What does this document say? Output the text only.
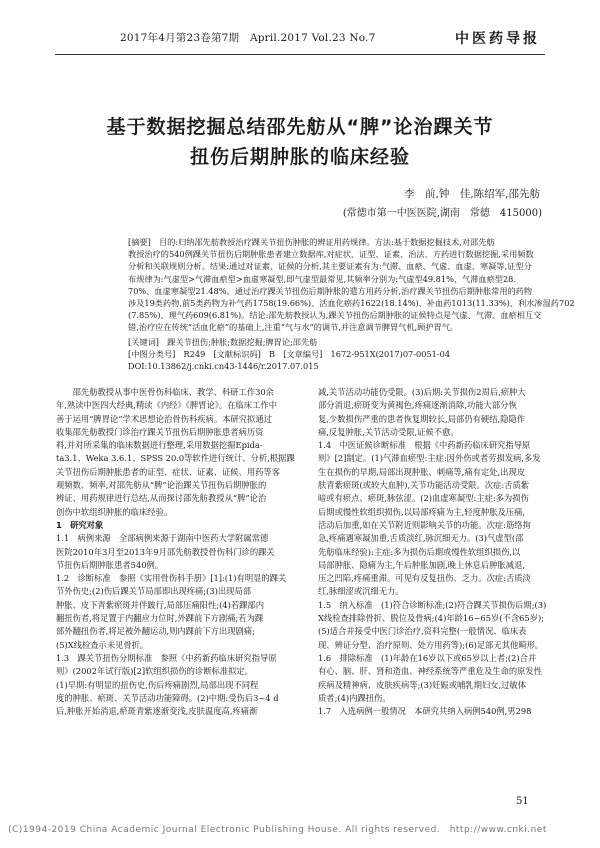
2017年4月第23卷第7期　April.2017 Vol.23 No.7	中医药导报
基于数据挖掘总结邵先舫从“脾”论治踝关节
扭伤后期肿胀的临床经验
李　前,钟　佳,陈绍军,邵先舫
(常德市第一中医医院,湖南　常德　415000)

[摘要]　目的:归纳邵先舫教授治疗踝关节扭伤肿胀的辨证用药规律。方法:基于数据挖掘技术,对邵先舫

教授治疗的540例踝关节扭伤后期肿胀患者建立数据库,对症状、证型、证素、治法、方药进行数据挖掘,采用频数

分析和关联规则分析。结果:通过对证素、证候的分析,其主要证素有为:气滞、血瘀、气虚、血虚、寒凝等,证型分

布规律为:气虚型>气滞血瘀型>血虚寒凝型,即气虚型最常见,其频率分别为:气虚型49.81%、气滞血瘀型28.

70%、血虚寒凝型21.48%。通过治疗踝关节扭伤后期肿胀的遣方用药分析,治疗踝关节扭伤后期肿胀常用的药物

涉及19类药物,前5类药物为补气药1758(19.66%)、活血化瘀药1622(18.14%)、补血药1013(11.33%)、利水渗湿药702

(7.85%)、理气药609(6.81%)。结论:邵先舫教授认为,踝关节扭伤后期肿胀的证候特点是气虚、气滞、血瘀相互交

错,治疗应在传统“活血化瘀”的基础上,注重“气与水”的调节,并注意调节脾胃气机,顾护胃气。

[关键词]　踝关节扭伤;肿胀;数据挖掘;脾胃论;邵先舫

[中图分类号]　R249　[文献标识码]　B　[文章编号]　1672-951X(2017)07-0051-04

DOI:10.13862/j.cnki.cn43-1446/r.2017.07.015

　　邵先舫教授从事中医骨伤科临床、教学、科研工作30余

年,熟读中医四大经典,精读《内经》《脾胃论》。在临床工作中

善于运用“脾胃论”学术思想论治骨伤科疾病。本研究拟通过

收集邵先舫教授门诊治疗踝关节扭伤后期肿胀患者病历资

料,并对所采集的临床数据进行整理,采用数据挖掘Epida-

ta3.1、Weka 3.6.1、SPSS 20.0等软件进行统计、分析,根据踝

关节扭伤后期肿胀患者的证型、症状、证素、证候、用药等客

观频数、频率,对邵先舫从“脾”论治踝关节扭伤后期肿胀的

辨证、用药规律进行总结,从而探讨邵先舫教授从“脾”论治

创伤中软组织肿胀的临床经验。

1　研究对象

1.1　病例来源　全部病例来源于湖南中医药大学附属常德

医院2010年3月至2013年9月邵先舫教授骨伤科门诊的踝关

节扭伤后期肿胀患者540例。

1.2　诊断标准　参照《实用骨伤科手册》[1]:(1)有明显的踝关

节外伤史;(2)伤后踝关节局部即出现疼痛;(3)出现局部

肿胀、皮下青紫瘀斑并伴跛行,局部压痛阳性;(4)若踝部内

翻扭伤者,将足置于内翻应力位时,外踝前下方剧痛;若为踝

部外翻扭伤者,将足被外翻运动,则内踝前下方出现剧痛;

(5)X线检查示未见骨折。

1.3　踝关节扭伤分期标准　参照《中药新药临床研究指导原

则》(2002年试行版)[2]软组织损伤的诊断标准拟定。

(1)早期:有明显的扭伤史,伤后疼痛剧烈,局部出现不同程

度的肿胀、瘀斑、关节活动功能障碍。(2)中期:受伤后3~4 d

后,肿胀开始消退,瘀斑青紫逐渐变浅,皮肤温度高,疼痛渐

减,关节活动功能仍受限。(3)后期:关节损伤2周后,瘀肿大

部分消退,瘀斑变为黄褐色,疼痛逐渐消除,功能大部分恢

复,少数损伤严重的患者恢复期较长,局部仍有硬结,隐隐作

痛,反复肿胀,关节活动受限,证候不愈。

1.4　中医证候诊断标准　根据《中药新药临床研究指导原

则》[2]制定。(1)气滞血瘀型:主症:因外伤或者劳损发病,多发

生在损伤的早期,局部出现肿胀、刺痛等,痛有定处,出现皮

肤青紫瘀斑(或较大血肿),关节功能活动受限。次症:舌质紫

暗或有瘀点、瘀斑,脉弦涩。(2)血虚寒凝型:主症:多为损伤

后期或慢性软组织损伤,以局部疼痛为主,轻度肿胀及压痛,

活动后加重,如在关节附近则影响关节的功能。次症:筋络拘

急,疼痛遇寒凝加重,舌质淡红,脉沉细无力。(3)气虚型(邵

先舫临床经验):主症:多为损伤后期或慢性软组织损伤,以

局部肿胀、隐痛为主,午后肿胀加剧,晚上休息后肿胀减退,

压之凹陷,疼痛重滞。可见有反复扭伤、乏力。次症:舌质淡

红,脉细涩或沉细无力。

1.5　纳入标准　(1)符合诊断标准;(2)符合踝关节损伤后期;(3)

X线检查排除骨折、脱位及骨病;(4)年龄16~65岁(不含65岁);

(5)适合并接受中医门诊治疗,资料完整(一般情况、临床表

现、辨证分型、治疗原则、处方用药等);(6)足部无其他畸形。

1.6　排除标准　(1)年龄在16岁以下或65岁以上者;(2)合并

有心、脑、肝、肾和造血、神经系统等严重危及生命的原发性

疾病及精神病、皮肤疾病等;(3)妊娠或哺乳期妇女,过敏体

质者;(4)内踝扭伤。

1.7　入选病例一般情况　本研究共纳入病例540例,男298

51
(C)1994-2019 China Academic Journal Electronic Publishing House. All rights reserved.　http://www.cnki.net
